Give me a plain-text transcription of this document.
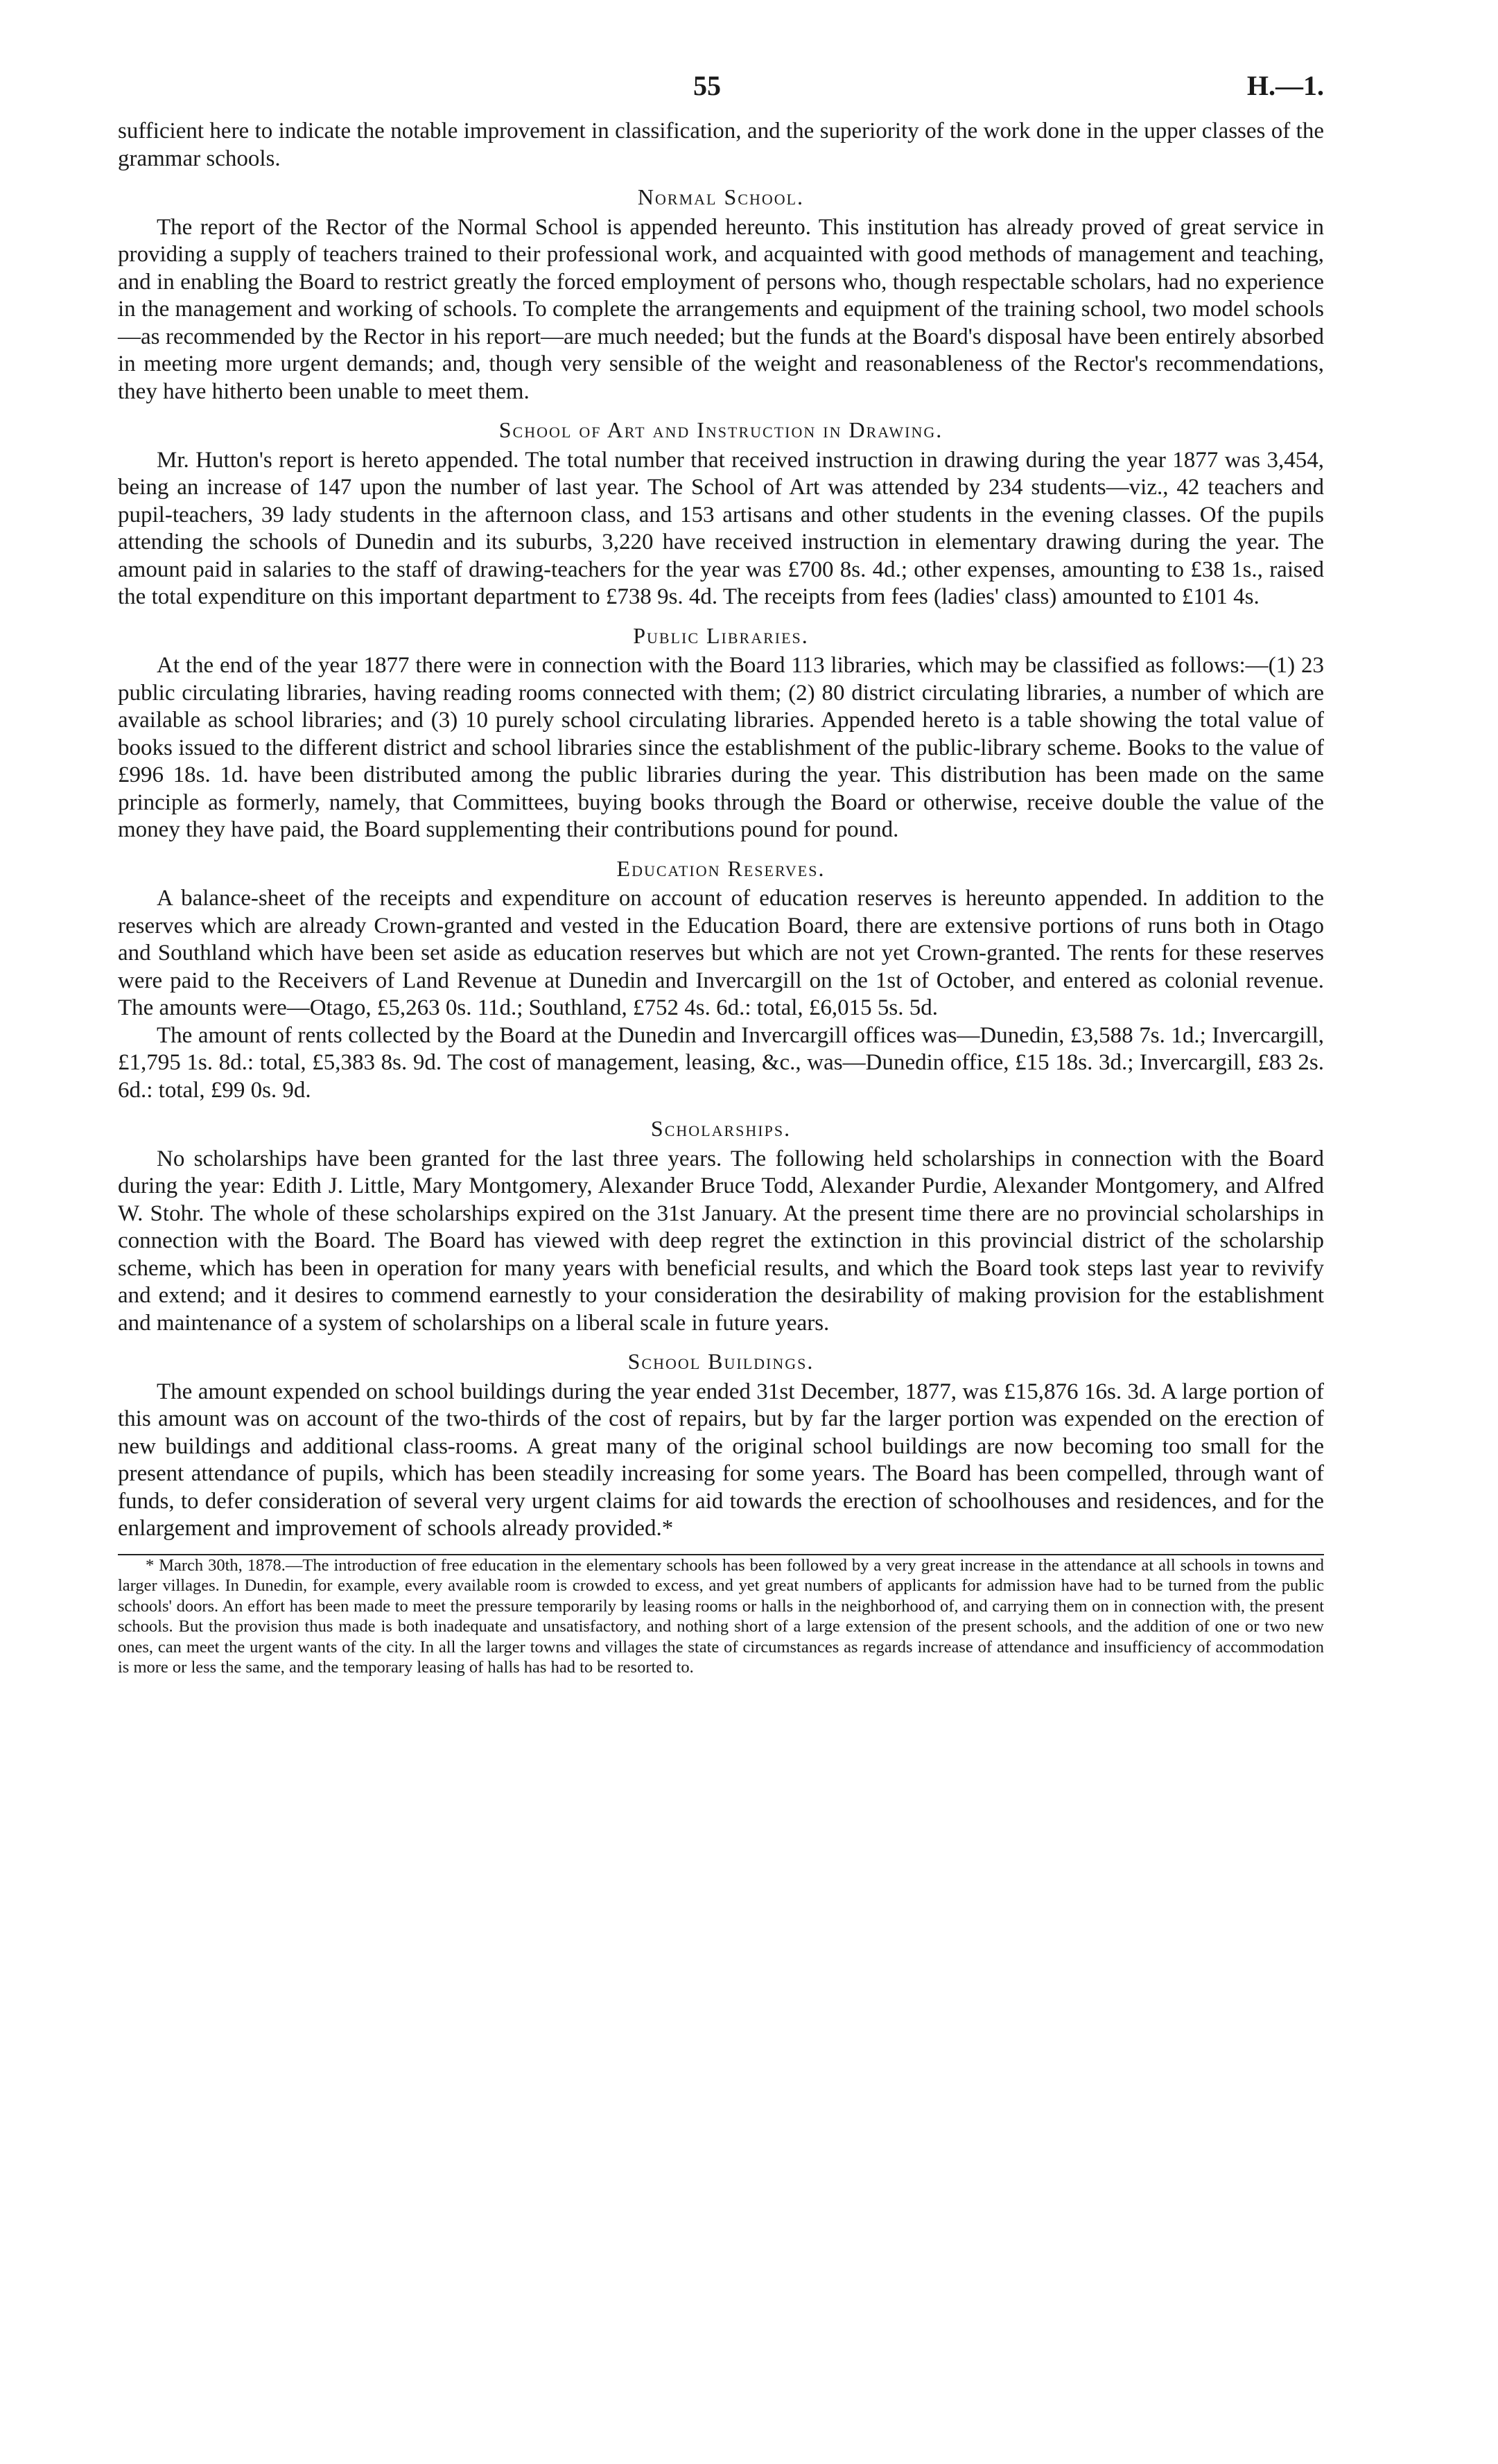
55	H.—1.

sufficient here to indicate the notable improvement in classification, and the superiority of the work done in the upper classes of the grammar schools.

Normal School.

The report of the Rector of the Normal School is appended hereunto. This institution has already proved of great service in providing a supply of teachers trained to their professional work, and acquainted with good methods of management and teaching, and in enabling the Board to restrict greatly the forced employment of persons who, though respectable scholars, had no experience in the management and working of schools. To complete the arrangements and equipment of the training school, two model schools—as recommended by the Rector in his report—are much needed; but the funds at the Board's disposal have been entirely absorbed in meeting more urgent demands; and, though very sensible of the weight and reasonableness of the Rector's recommendations, they have hitherto been unable to meet them.

School of Art and Instruction in Drawing.

Mr. Hutton's report is hereto appended. The total number that received instruction in drawing during the year 1877 was 3,454, being an increase of 147 upon the number of last year. The School of Art was attended by 234 students—viz., 42 teachers and pupil-teachers, 39 lady students in the afternoon class, and 153 artisans and other students in the evening classes. Of the pupils attending the schools of Dunedin and its suburbs, 3,220 have received instruction in elementary drawing during the year. The amount paid in salaries to the staff of drawing-teachers for the year was £700 8s. 4d.; other expenses, amounting to £38 1s., raised the total expenditure on this important department to £738 9s. 4d. The receipts from fees (ladies' class) amounted to £101 4s.

Public Libraries.

At the end of the year 1877 there were in connection with the Board 113 libraries, which may be classified as follows:—(1) 23 public circulating libraries, having reading rooms connected with them; (2) 80 district circulating libraries, a number of which are available as school libraries; and (3) 10 purely school circulating libraries. Appended hereto is a table showing the total value of books issued to the different district and school libraries since the establishment of the public-library scheme. Books to the value of £996 18s. 1d. have been distributed among the public libraries during the year. This distribution has been made on the same principle as formerly, namely, that Committees, buying books through the Board or otherwise, receive double the value of the money they have paid, the Board supplementing their contributions pound for pound.

Education Reserves.

A balance-sheet of the receipts and expenditure on account of education reserves is hereunto appended. In addition to the reserves which are already Crown-granted and vested in the Education Board, there are extensive portions of runs both in Otago and Southland which have been set aside as education reserves but which are not yet Crown-granted. The rents for these reserves were paid to the Receivers of Land Revenue at Dunedin and Invercargill on the 1st of October, and entered as colonial revenue. The amounts were—Otago, £5,263 0s. 11d.; Southland, £752 4s. 6d.: total, £6,015 5s. 5d.

The amount of rents collected by the Board at the Dunedin and Invercargill offices was—Dunedin, £3,588 7s. 1d.; Invercargill, £1,795 1s. 8d.: total, £5,383 8s. 9d. The cost of management, leasing, &c., was—Dunedin office, £15 18s. 3d.; Invercargill, £83 2s. 6d.: total, £99 0s. 9d.

Scholarships.

No scholarships have been granted for the last three years. The following held scholarships in connection with the Board during the year: Edith J. Little, Mary Montgomery, Alexander Bruce Todd, Alexander Purdie, Alexander Montgomery, and Alfred W. Stohr. The whole of these scholarships expired on the 31st January. At the present time there are no provincial scholarships in connection with the Board. The Board has viewed with deep regret the extinction in this provincial district of the scholarship scheme, which has been in operation for many years with beneficial results, and which the Board took steps last year to revivify and extend; and it desires to commend earnestly to your consideration the desirability of making provision for the establishment and maintenance of a system of scholarships on a liberal scale in future years.

School Buildings.

The amount expended on school buildings during the year ended 31st December, 1877, was £15,876 16s. 3d. A large portion of this amount was on account of the two-thirds of the cost of repairs, but by far the larger portion was expended on the erection of new buildings and additional class-rooms. A great many of the original school buildings are now becoming too small for the present attendance of pupils, which has been steadily increasing for some years. The Board has been compelled, through want of funds, to defer consideration of several very urgent claims for aid towards the erection of schoolhouses and residences, and for the enlargement and improvement of schools already provided.*

* March 30th, 1878.—The introduction of free education in the elementary schools has been followed by a very great increase in the attendance at all schools in towns and larger villages. In Dunedin, for example, every available room is crowded to excess, and yet great numbers of applicants for admission have had to be turned from the public schools' doors. An effort has been made to meet the pressure temporarily by leasing rooms or halls in the neighborhood of, and carrying them on in connection with, the present schools. But the provision thus made is both inadequate and unsatisfactory, and nothing short of a large extension of the present schools, and the addition of one or two new ones, can meet the urgent wants of the city. In all the larger towns and villages the state of circumstances as regards increase of attendance and insufficiency of accommodation is more or less the same, and the temporary leasing of halls has had to be resorted to.
